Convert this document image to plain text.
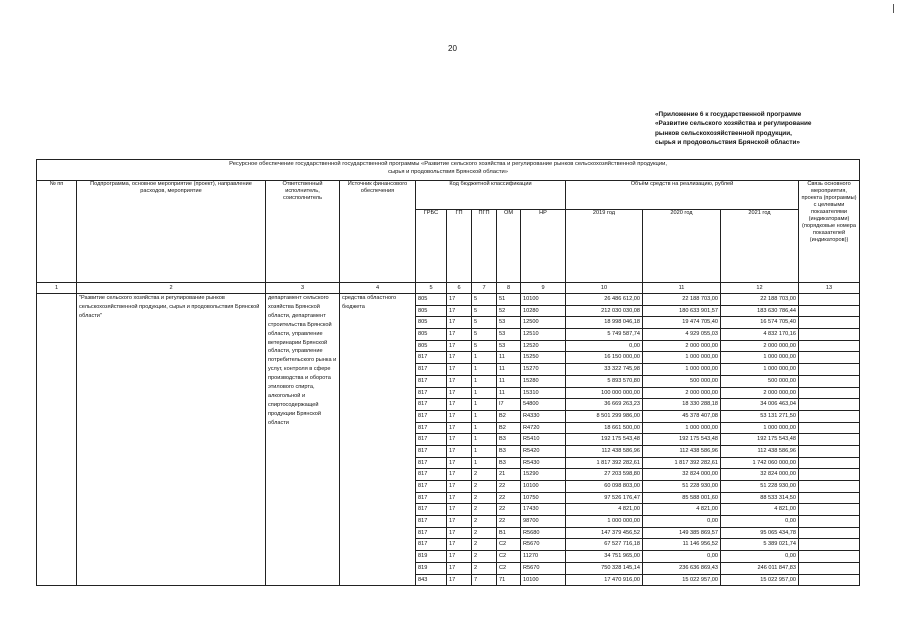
20
«Приложение 6 к государственной программе
«Развитие сельского хозяйства и регулирование
рынков сельскохозяйственной продукции,
сырья и продовольствия Брянской области»
Ресурсное обеспечение государственной государственной программы «Развитие сельского хозяйства и регулирование рынков сельскохозяйственной продукции,
сырья и продовольствия Брянской области»												

№ пп	Подпрограмма, основное мероприятие (проект), направление расходов, мероприятие	Ответственный исполнитель, соисполнитель	Источник финансового обеспечения	Код бюджетной классификации					Объём средств на реализацию, рублей			Связь основного мероприятия, проекта (программы) с целевыми показателями (индикаторами) (порядковые номера показателей (индикаторов))
				ГРБС	ГП	ПГП	ОМ	НР	2019 год	2020 год	2021 год	
1	2	3	4	5	6	7	8	9	10	11	12	13
	"Развитие сельского хозяйства и регулирование рынков сельскохозяйственной продукции, сырья и продовольствия Брянской области"	департамент сельского хозяйства Брянской области, департамент строительства Брянской области, управление ветеринарии Брянской области, управление потребительского рынка и услуг, контроля в сфере производства и оборота этилового спирта, алкогольной и спиртосодержащей продукции Брянской области	средства областного бюджета	805	17	5	51	10100	26 486 612,00	22 188 703,00	22 188 703,00	
				805	17	5	52	10280	212 030 030,08	180 633 901,57	183 630 786,44	
				805	17	5	53	12500	18 998 046,18	19 474 705,40	16 574 705,40	
				805	17	5	53	12510	5 749 587,74	4 929 055,03	4 832 170,16	
				805	17	5	53	12520	0,00	2 000 000,00	2 000 000,00	
				817	17	1	11	15250	16 150 000,00	1 000 000,00	1 000 000,00	
				817	17	1	11	15270	33 322 745,98	1 000 000,00	1 000 000,00	
				817	17	1	11	15280	5 893 570,80	500 000,00	500 000,00	
				817	17	1	11	15310	100 000 000,00	2 000 000,00	2 000 000,00	
				817	17	1	I7	54800	36 669 263,23	18 330 288,18	34 006 463,04	
				817	17	1	B2	R4330	8 501 299 986,00	45 378 407,08	53 131 271,50	
				817	17	1	B2	R4720	18 661 500,00	1 000 000,00	1 000 000,00	
				817	17	1	B3	R5410	192 175 543,48	192 175 543,48	192 175 543,48	
				817	17	1	B3	R5420	112 438 586,96	112 438 586,96	112 438 586,96	
				817	17	1	B3	R5430	1 817 392 282,61	1 817 392 282,61	1 742 060 000,00	
				817	17	2	21	15290	27 203 598,80	32 824 000,00	32 824 000,00	
				817	17	2	22	10100	60 098 803,00	51 228 930,00	51 228 930,00	
				817	17	2	22	10750	97 526 176,47	85 588 001,60	88 533 314,50	
				817	17	2	22	17430	4 821,00	4 821,00	4 821,00	
				817	17	2	22	98700	1 000 000,00	0,00	0,00	
				817	17	2	B1	R5680	147 379 456,52	149 385 869,57	95 065 434,78	
				817	17	2	C2	R5670	67 527 716,18	11 146 956,52	5 389 021,74	
				819	17	2	C2	11270	34 751 965,00	0,00	0,00	
				819	17	2	C2	R5670	750 328 145,14	236 636 869,43	246 011 847,83	
				843	17	7	71	10100	17 470 916,00	15 022 957,00	15 022 957,00	
